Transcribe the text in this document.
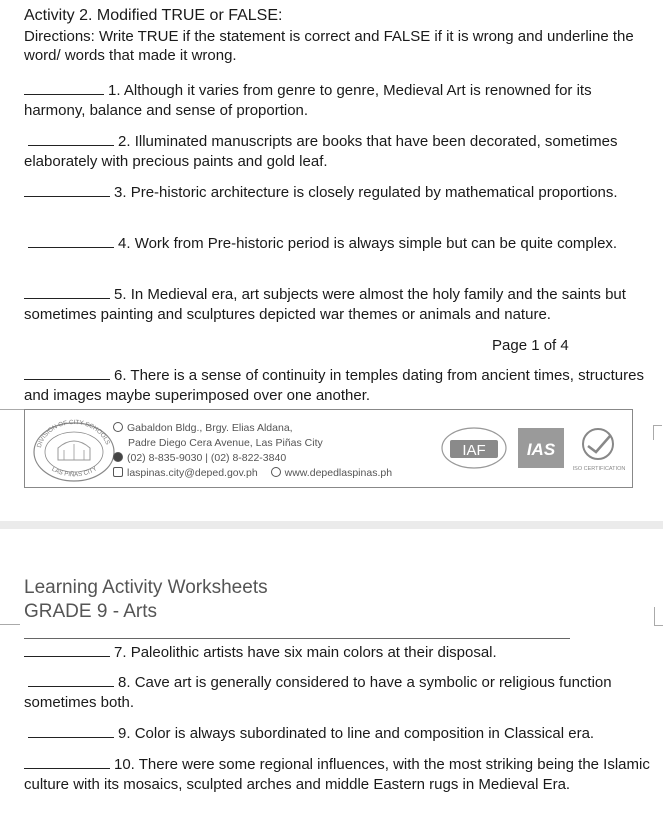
Activity 2. Modified TRUE or FALSE:
Directions: Write TRUE if the statement is correct and FALSE if it is wrong and underline the word/ words that made it wrong.
1. Although it varies from genre to genre, Medieval Art is renowned for its harmony, balance and sense of proportion.
2. Illuminated manuscripts are books that have been decorated, sometimes elaborately with precious paints and gold leaf.
3. Pre-historic architecture is closely regulated by mathematical proportions.
4. Work from Pre-historic period is always simple but can be quite complex.
5. In Medieval era, art subjects were almost the holy family and the saints but sometimes painting and sculptures depicted war themes or animals and nature.
Page 1 of 4
6. There is a sense of continuity in temples dating from ancient times, structures and images maybe superimposed over one another.
DIVISION OF CITY SCHOOLS
LAS PIÑAS CITY
Gabaldon Bldg., Brgy. Elias Aldana,
Padre Diego Cera Avenue, Las Piñas City
(02) 8-835-9030 | (02) 8-822-3840
laspinas.city@deped.gov.ph	www.depedlaspinas.ph
IAF IAS
ISO CERTIFICATION
Learning Activity Worksheets
GRADE 9 - Arts
7. Paleolithic artists have six main colors at their disposal.
8. Cave art is generally considered to have a symbolic or religious function sometimes both.
9. Color is always subordinated to line and composition in Classical era.
10. There were some regional influences, with the most striking being the Islamic culture with its mosaics, sculpted arches and middle Eastern rugs in Medieval Era.
